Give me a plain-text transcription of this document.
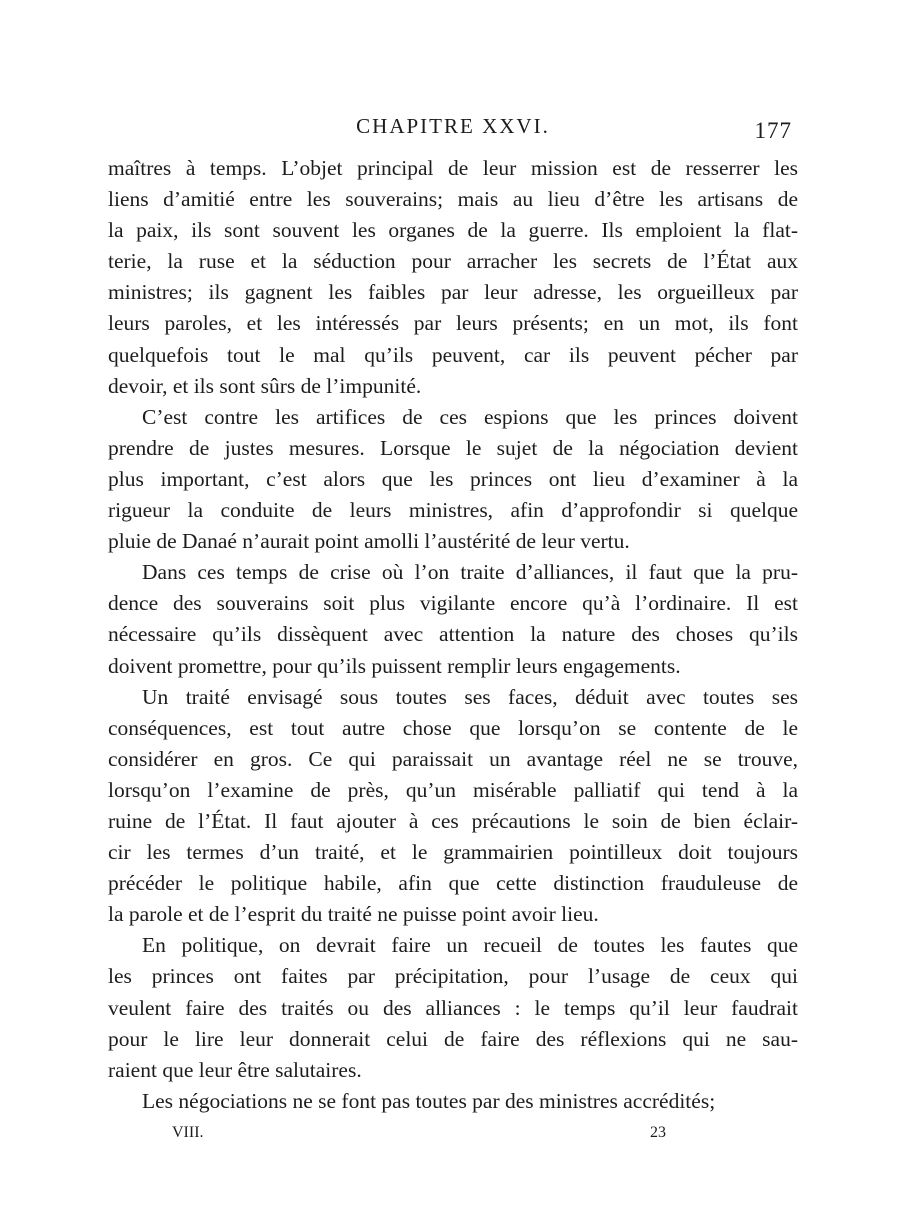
CHAPITRE XXVI.	177
maîtres à temps. L’objet principal de leur mission est de resserrer les
liens d’amitié entre les souverains; mais au lieu d’être les artisans de
la paix, ils sont souvent les organes de la guerre. Ils emploient la flat-
terie, la ruse et la séduction pour arracher les secrets de l’État aux
ministres; ils gagnent les faibles par leur adresse, les orgueilleux par
leurs paroles, et les intéressés par leurs présents; en un mot, ils font
quelquefois tout le mal qu’ils peuvent, car ils peuvent pécher par
devoir, et ils sont sûrs de l’impunité.
C’est contre les artifices de ces espions que les princes doivent
prendre de justes mesures. Lorsque le sujet de la négociation devient
plus important, c’est alors que les princes ont lieu d’examiner à la
rigueur la conduite de leurs ministres, afin d’approfondir si quelque
pluie de Danaé n’aurait point amolli l’austérité de leur vertu.
Dans ces temps de crise où l’on traite d’alliances, il faut que la pru-
dence des souverains soit plus vigilante encore qu’à l’ordinaire. Il est
nécessaire qu’ils dissèquent avec attention la nature des choses qu’ils
doivent promettre, pour qu’ils puissent remplir leurs engagements.
Un traité envisagé sous toutes ses faces, déduit avec toutes ses
conséquences, est tout autre chose que lorsqu’on se contente de le
considérer en gros. Ce qui paraissait un avantage réel ne se trouve,
lorsqu’on l’examine de près, qu’un misérable palliatif qui tend à la
ruine de l’État. Il faut ajouter à ces précautions le soin de bien éclair-
cir les termes d’un traité, et le grammairien pointilleux doit toujours
précéder le politique habile, afin que cette distinction frauduleuse de
la parole et de l’esprit du traité ne puisse point avoir lieu.
En politique, on devrait faire un recueil de toutes les fautes que
les princes ont faites par précipitation, pour l’usage de ceux qui
veulent faire des traités ou des alliances : le temps qu’il leur faudrait
pour le lire leur donnerait celui de faire des réflexions qui ne sau-
raient que leur être salutaires.
Les négociations ne se font pas toutes par des ministres accrédités;
VIII.	23
